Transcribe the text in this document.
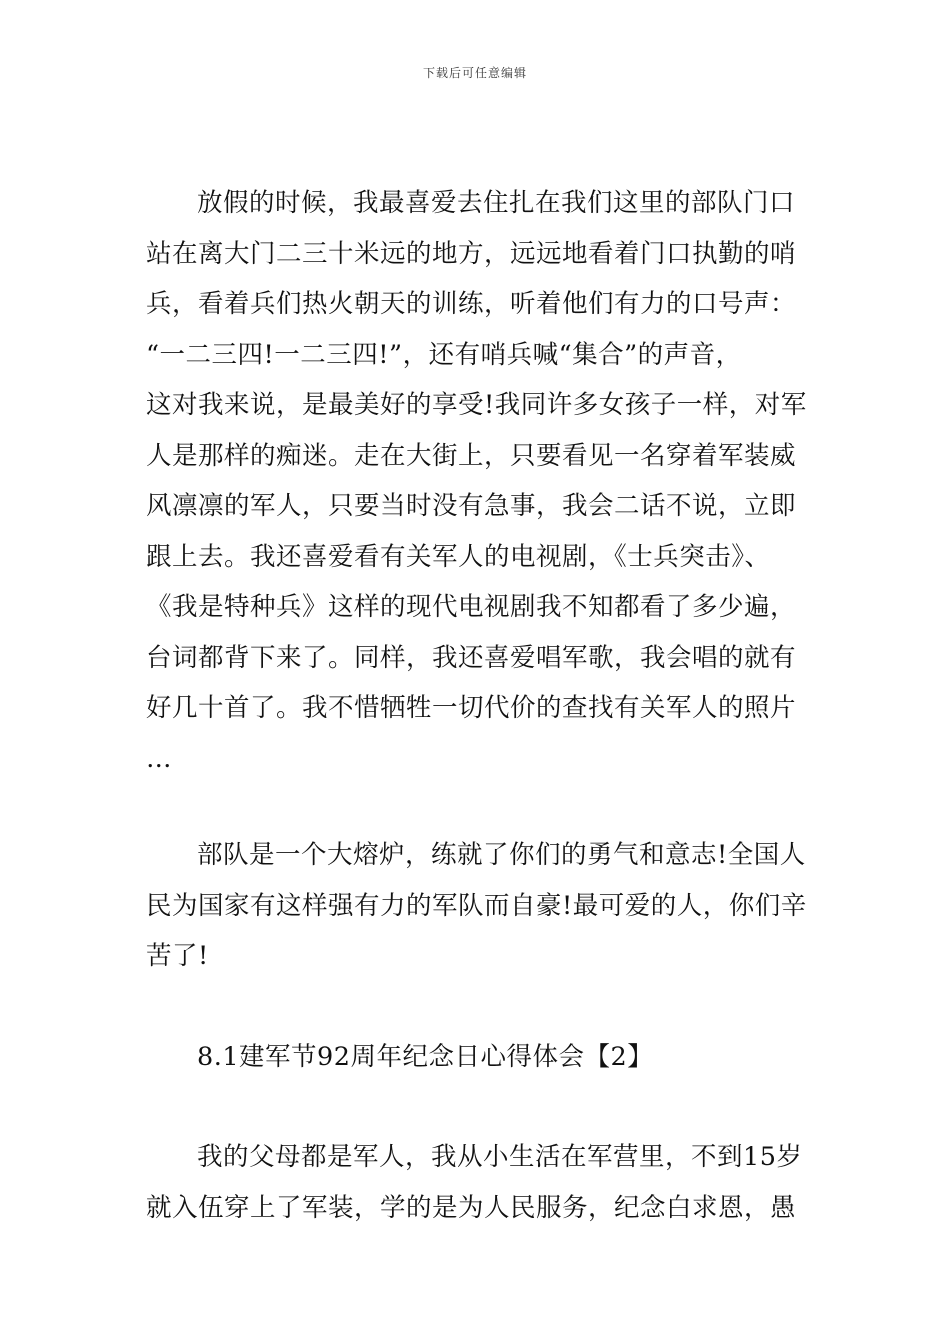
下载后可任意编辑
放假的时候，我最喜爱去住扎在我们这里的部队门口
站在离大门二三十米远的地方，远远地看着门口执勤的哨
兵，看着兵们热火朝天的训练，听着他们有力的口号声：
“一二三四!一二三四!”，还有哨兵喊“集合”的声音，
这对我来说，是最美好的享受!我同许多女孩子一样，对军
人是那样的痴迷。走在大街上，只要看见一名穿着军装威
风凛凛的军人，只要当时没有急事，我会二话不说，立即
跟上去。我还喜爱看有关军人的电视剧，《士兵突击》、
《我是特种兵》这样的现代电视剧我不知都看了多少遍，
台词都背下来了。同样，我还喜爱唱军歌，我会唱的就有
好几十首了。我不惜牺牲一切代价的查找有关军人的照片
…
部队是一个大熔炉，练就了你们的勇气和意志!全国人
民为国家有这样强有力的军队而自豪!最可爱的人，你们辛
苦了!
8.1建军节92周年纪念日心得体会【2】
我的父母都是军人，我从小生活在军营里，不到15岁
就入伍穿上了军装，学的是为人民服务，纪念白求恩，愚
